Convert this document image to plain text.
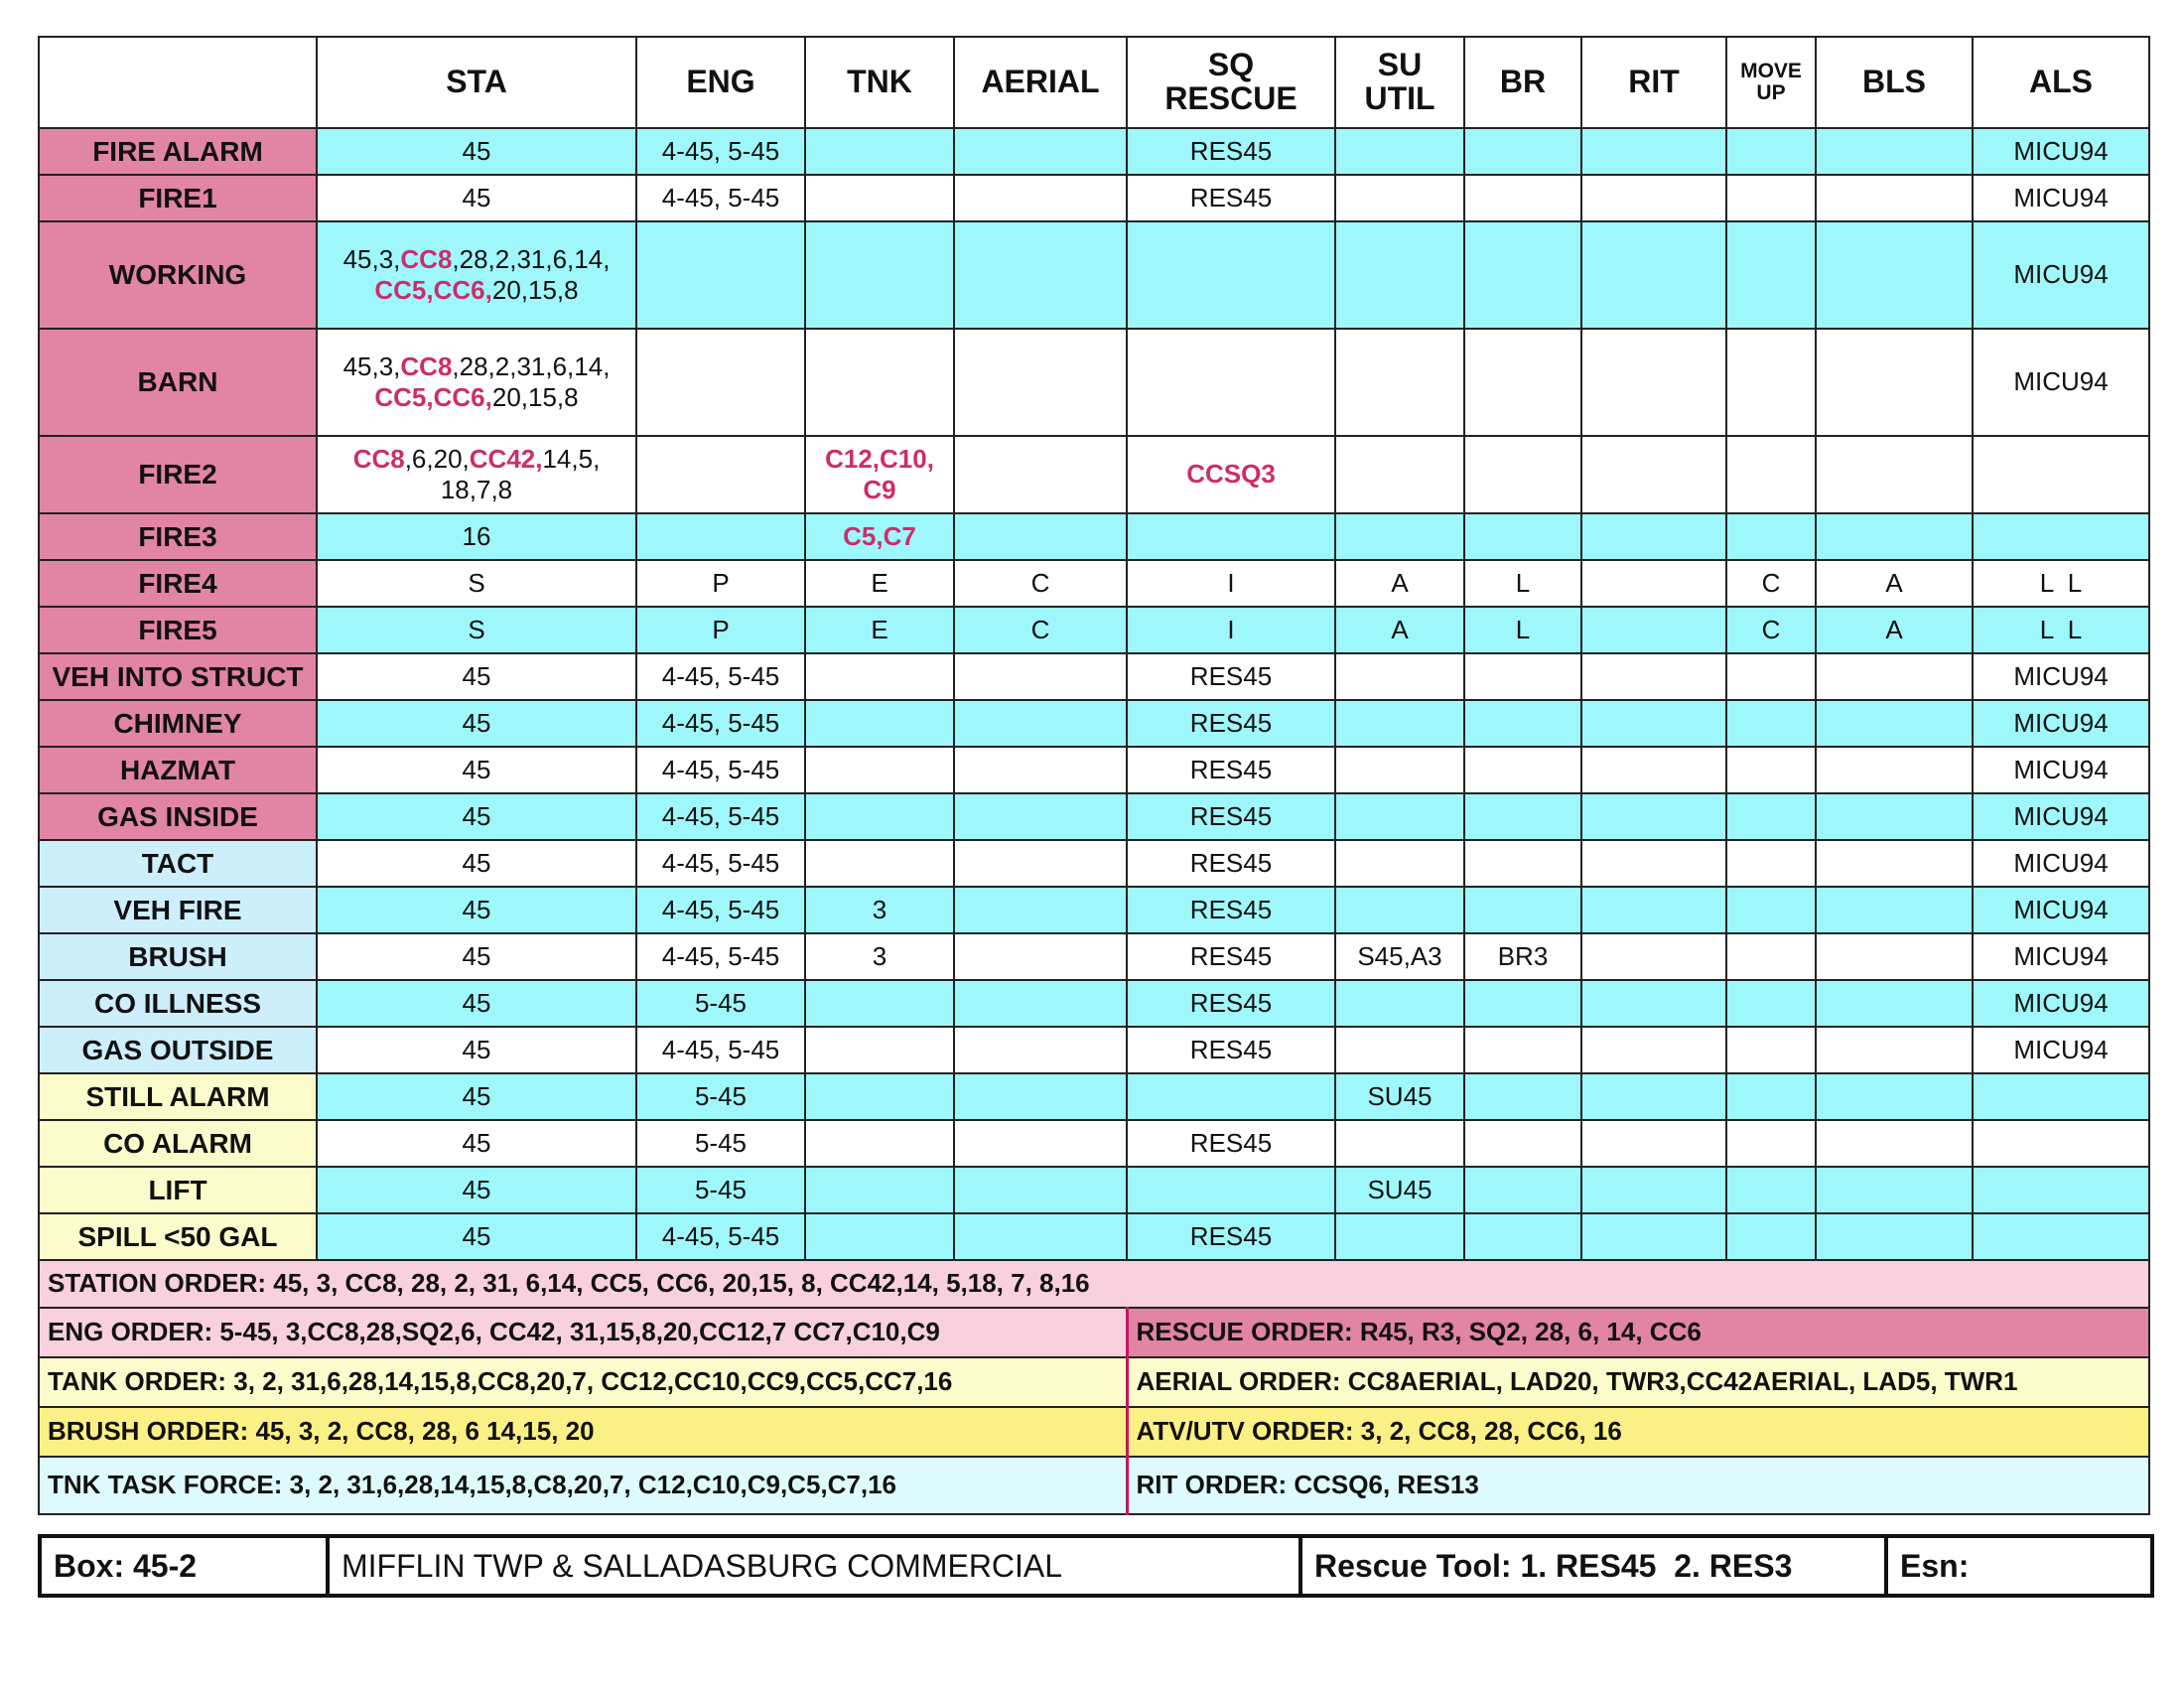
	STA	ENG	TNK	AERIAL	SQ
RESCUE	SU
UTIL	BR	RIT	MOVE
UP	BLS	ALS
FIRE ALARM	45	4-45, 5-45			RES45						MICU94
FIRE1	45	4-45, 5-45			RES45						MICU94
WORKING	45,3,CC8,28,2,31,6,14,
CC5,CC6,20,15,8										MICU94
BARN	45,3,CC8,28,2,31,6,14,
CC5,CC6,20,15,8										MICU94
FIRE2	CC8,6,20,CC42,14,5,
18,7,8		C12,C10,
C9		CCSQ3						
FIRE3	16		C5,C7								
FIRE4	S	P	E	C	I	A	L		C	A	L  L
FIRE5	S	P	E	C	I	A	L		C	A	L  L
VEH INTO STRUCT	45	4-45, 5-45			RES45						MICU94
CHIMNEY	45	4-45, 5-45			RES45						MICU94
HAZMAT	45	4-45, 5-45			RES45						MICU94
GAS INSIDE	45	4-45, 5-45			RES45						MICU94
TACT	45	4-45, 5-45			RES45						MICU94
VEH FIRE	45	4-45, 5-45	3		RES45						MICU94
BRUSH	45	4-45, 5-45	3		RES45	S45,A3	BR3				MICU94
CO ILLNESS	45	5-45			RES45						MICU94
GAS OUTSIDE	45	4-45, 5-45			RES45						MICU94
STILL ALARM	45	5-45				SU45					
CO ALARM	45	5-45			RES45						
LIFT	45	5-45				SU45					
SPILL <50 GAL	45	4-45, 5-45			RES45						
STATION ORDER: 45, 3, CC8, 28, 2, 31, 6,14, CC5, CC6, 20,15, 8, CC42,14, 5,18, 7, 8,16											
ENG ORDER: 5-45, 3,CC8,28,SQ2,6, CC42, 31,15,8,20,CC12,7 CC7,C10,C9					RESCUE ORDER: R45, R3, SQ2, 28, 6, 14, CC6						
TANK ORDER: 3, 2, 31,6,28,14,15,8,CC8,20,7, CC12,CC10,CC9,CC5,CC7,16					AERIAL ORDER: CC8AERIAL, LAD20, TWR3,CC42AERIAL, LAD5, TWR1						
BRUSH ORDER: 45, 3, 2, CC8, 28, 6 14,15, 20					ATV/UTV ORDER: 3, 2, CC8, 28, CC6, 16						
TNK TASK FORCE: 3, 2, 31,6,28,14,15,8,C8,20,7, C12,C10,C9,C5,C7,16					RIT ORDER: CCSQ6, RES13						
Box: 45-2	MIFFLIN TWP & SALLADASBURG COMMERCIAL	Rescue Tool: 1. RES45  2. RES3	Esn:
